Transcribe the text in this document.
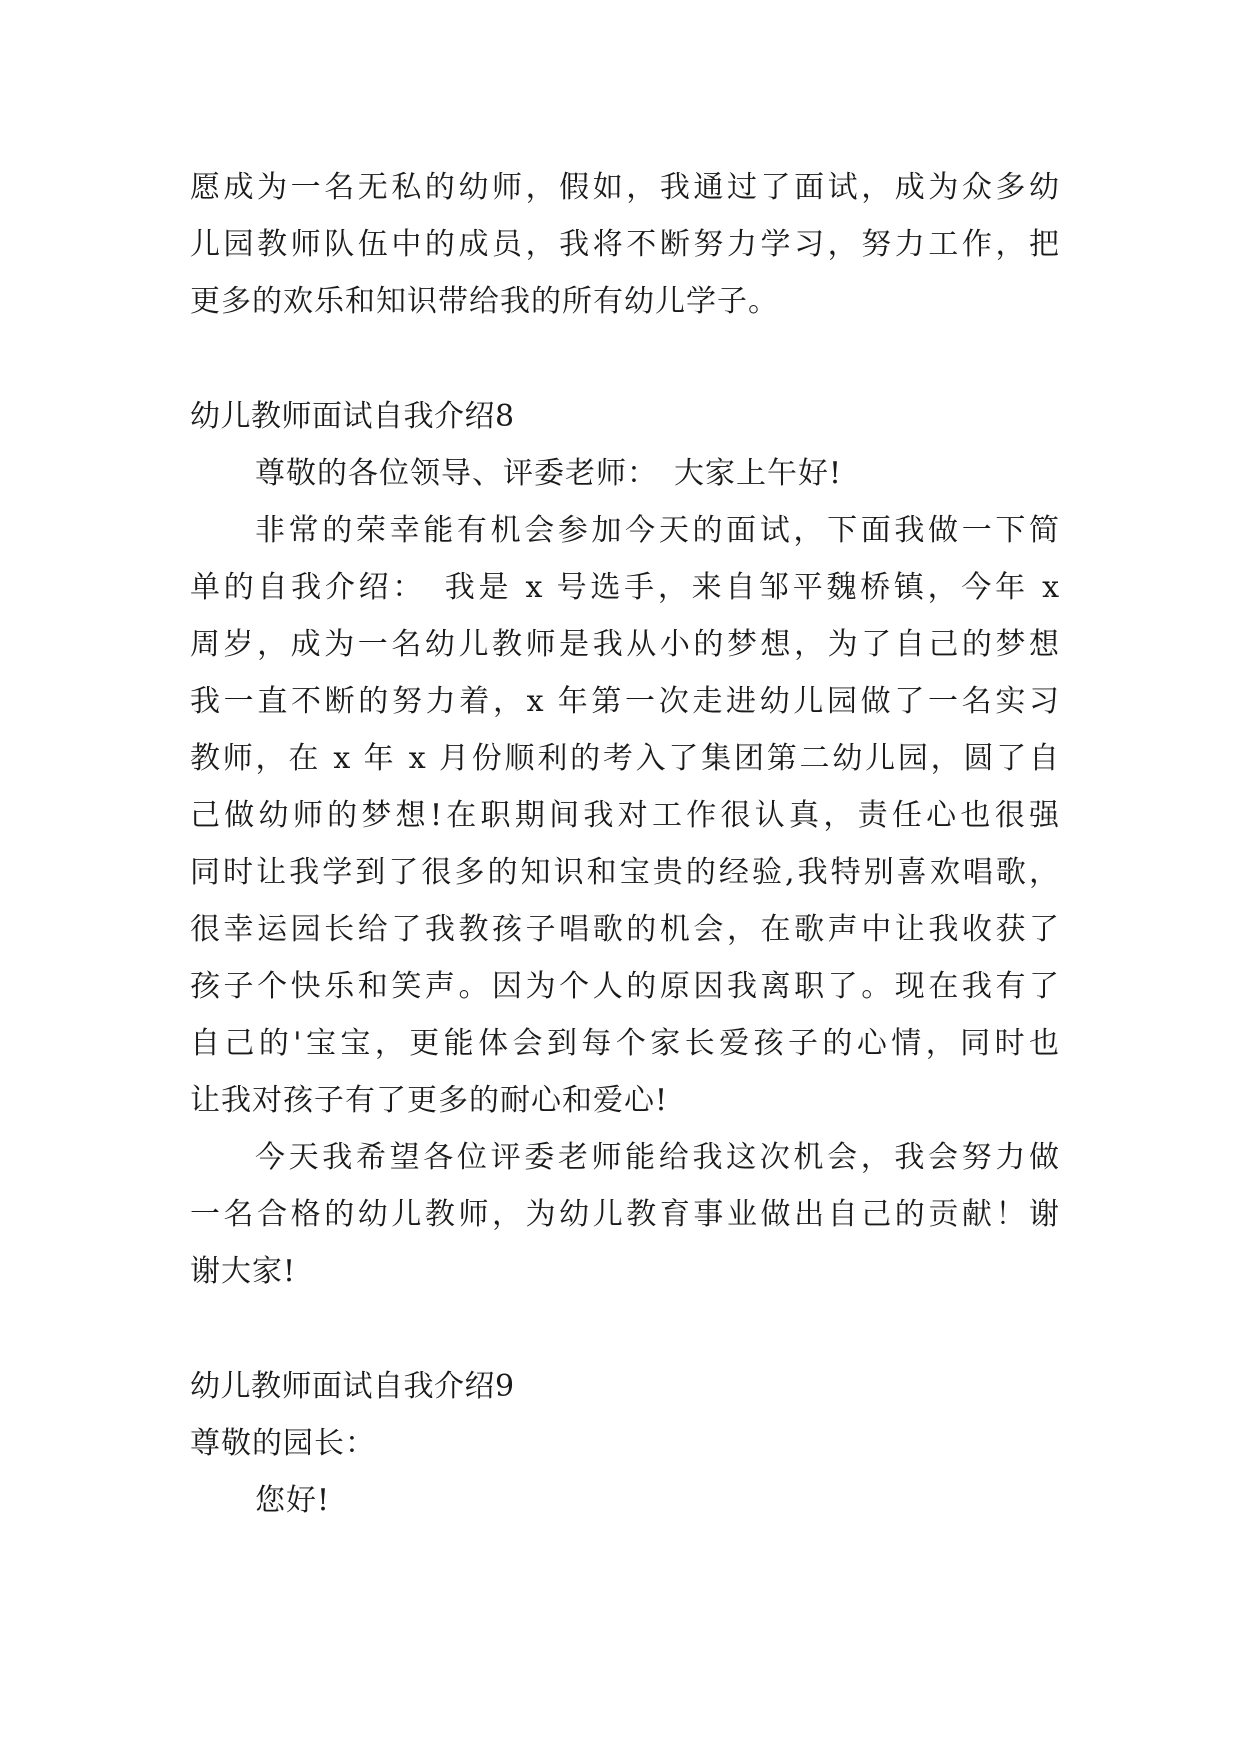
愿成为一名无私的幼师，假如，我通过了面试，成为众多幼
儿园教师队伍中的成员，我将不断努力学习，努力工作，把
更多的欢乐和知识带给我的所有幼儿学子。
幼儿教师面试自我介绍8
尊敬的各位领导、评委老师：　大家上午好!
非常的荣幸能有机会参加今天的面试，下面我做一下简
单的自我介绍：　我是 x 号选手，来自邹平魏桥镇，今年 x
周岁，成为一名幼儿教师是我从小的梦想，为了自己的梦想
我一直不断的努力着，x 年第一次走进幼儿园做了一名实习
教师，在 x 年 x 月份顺利的考入了集团第二幼儿园，圆了自
己做幼师的梦想!在职期间我对工作很认真，责任心也很强
同时让我学到了很多的知识和宝贵的经验,我特别喜欢唱歌，
很幸运园长给了我教孩子唱歌的机会，在歌声中让我收获了
孩子个快乐和笑声。因为个人的原因我离职了。现在我有了
自己的'宝宝，更能体会到每个家长爱孩子的心情，同时也
让我对孩子有了更多的耐心和爱心!
今天我希望各位评委老师能给我这次机会，我会努力做
一名合格的幼儿教师，为幼儿教育事业做出自己的贡献！谢
谢大家!
幼儿教师面试自我介绍9
尊敬的园长：
您好!
